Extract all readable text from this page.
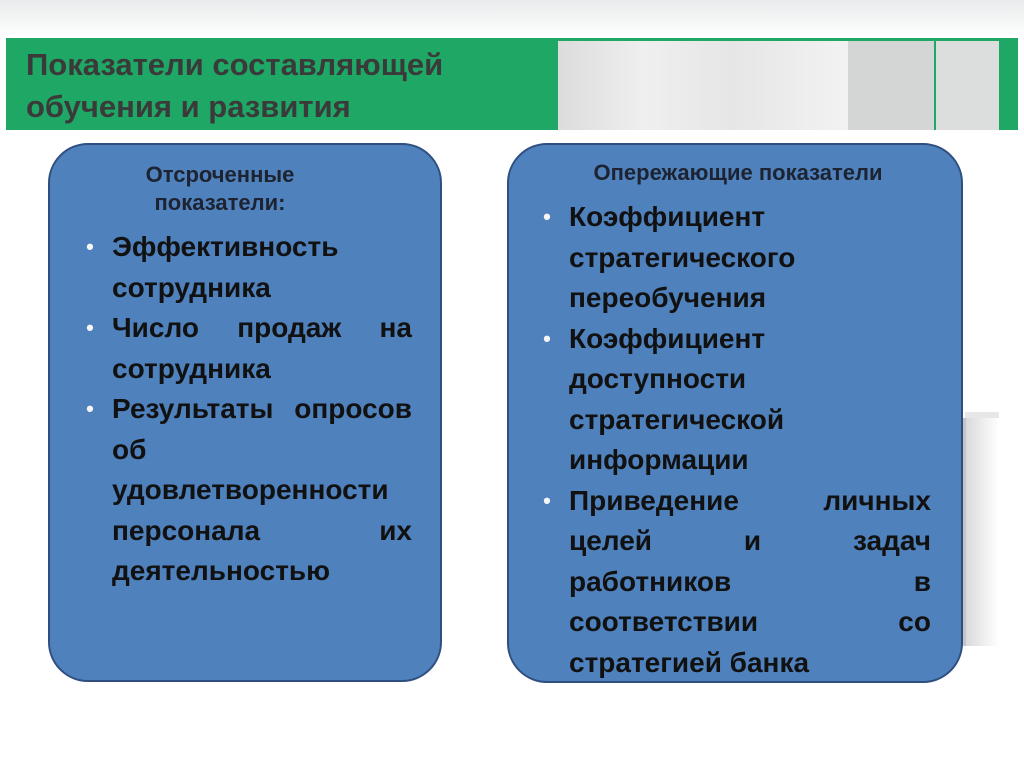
Показатели составляющей
обучения и развития
Отсроченные
показатели:
• Эффективность сотрудника
• Число продаж на сотрудника
• Результаты опросов об удовлетворенности персонала их деятельностью
Опережающие показатели
• Коэффициент стратегического переобучения
• Коэффициент доступности стратегической информации
• Приведение личных целей и задач работников в соответствии со стратегией банка
